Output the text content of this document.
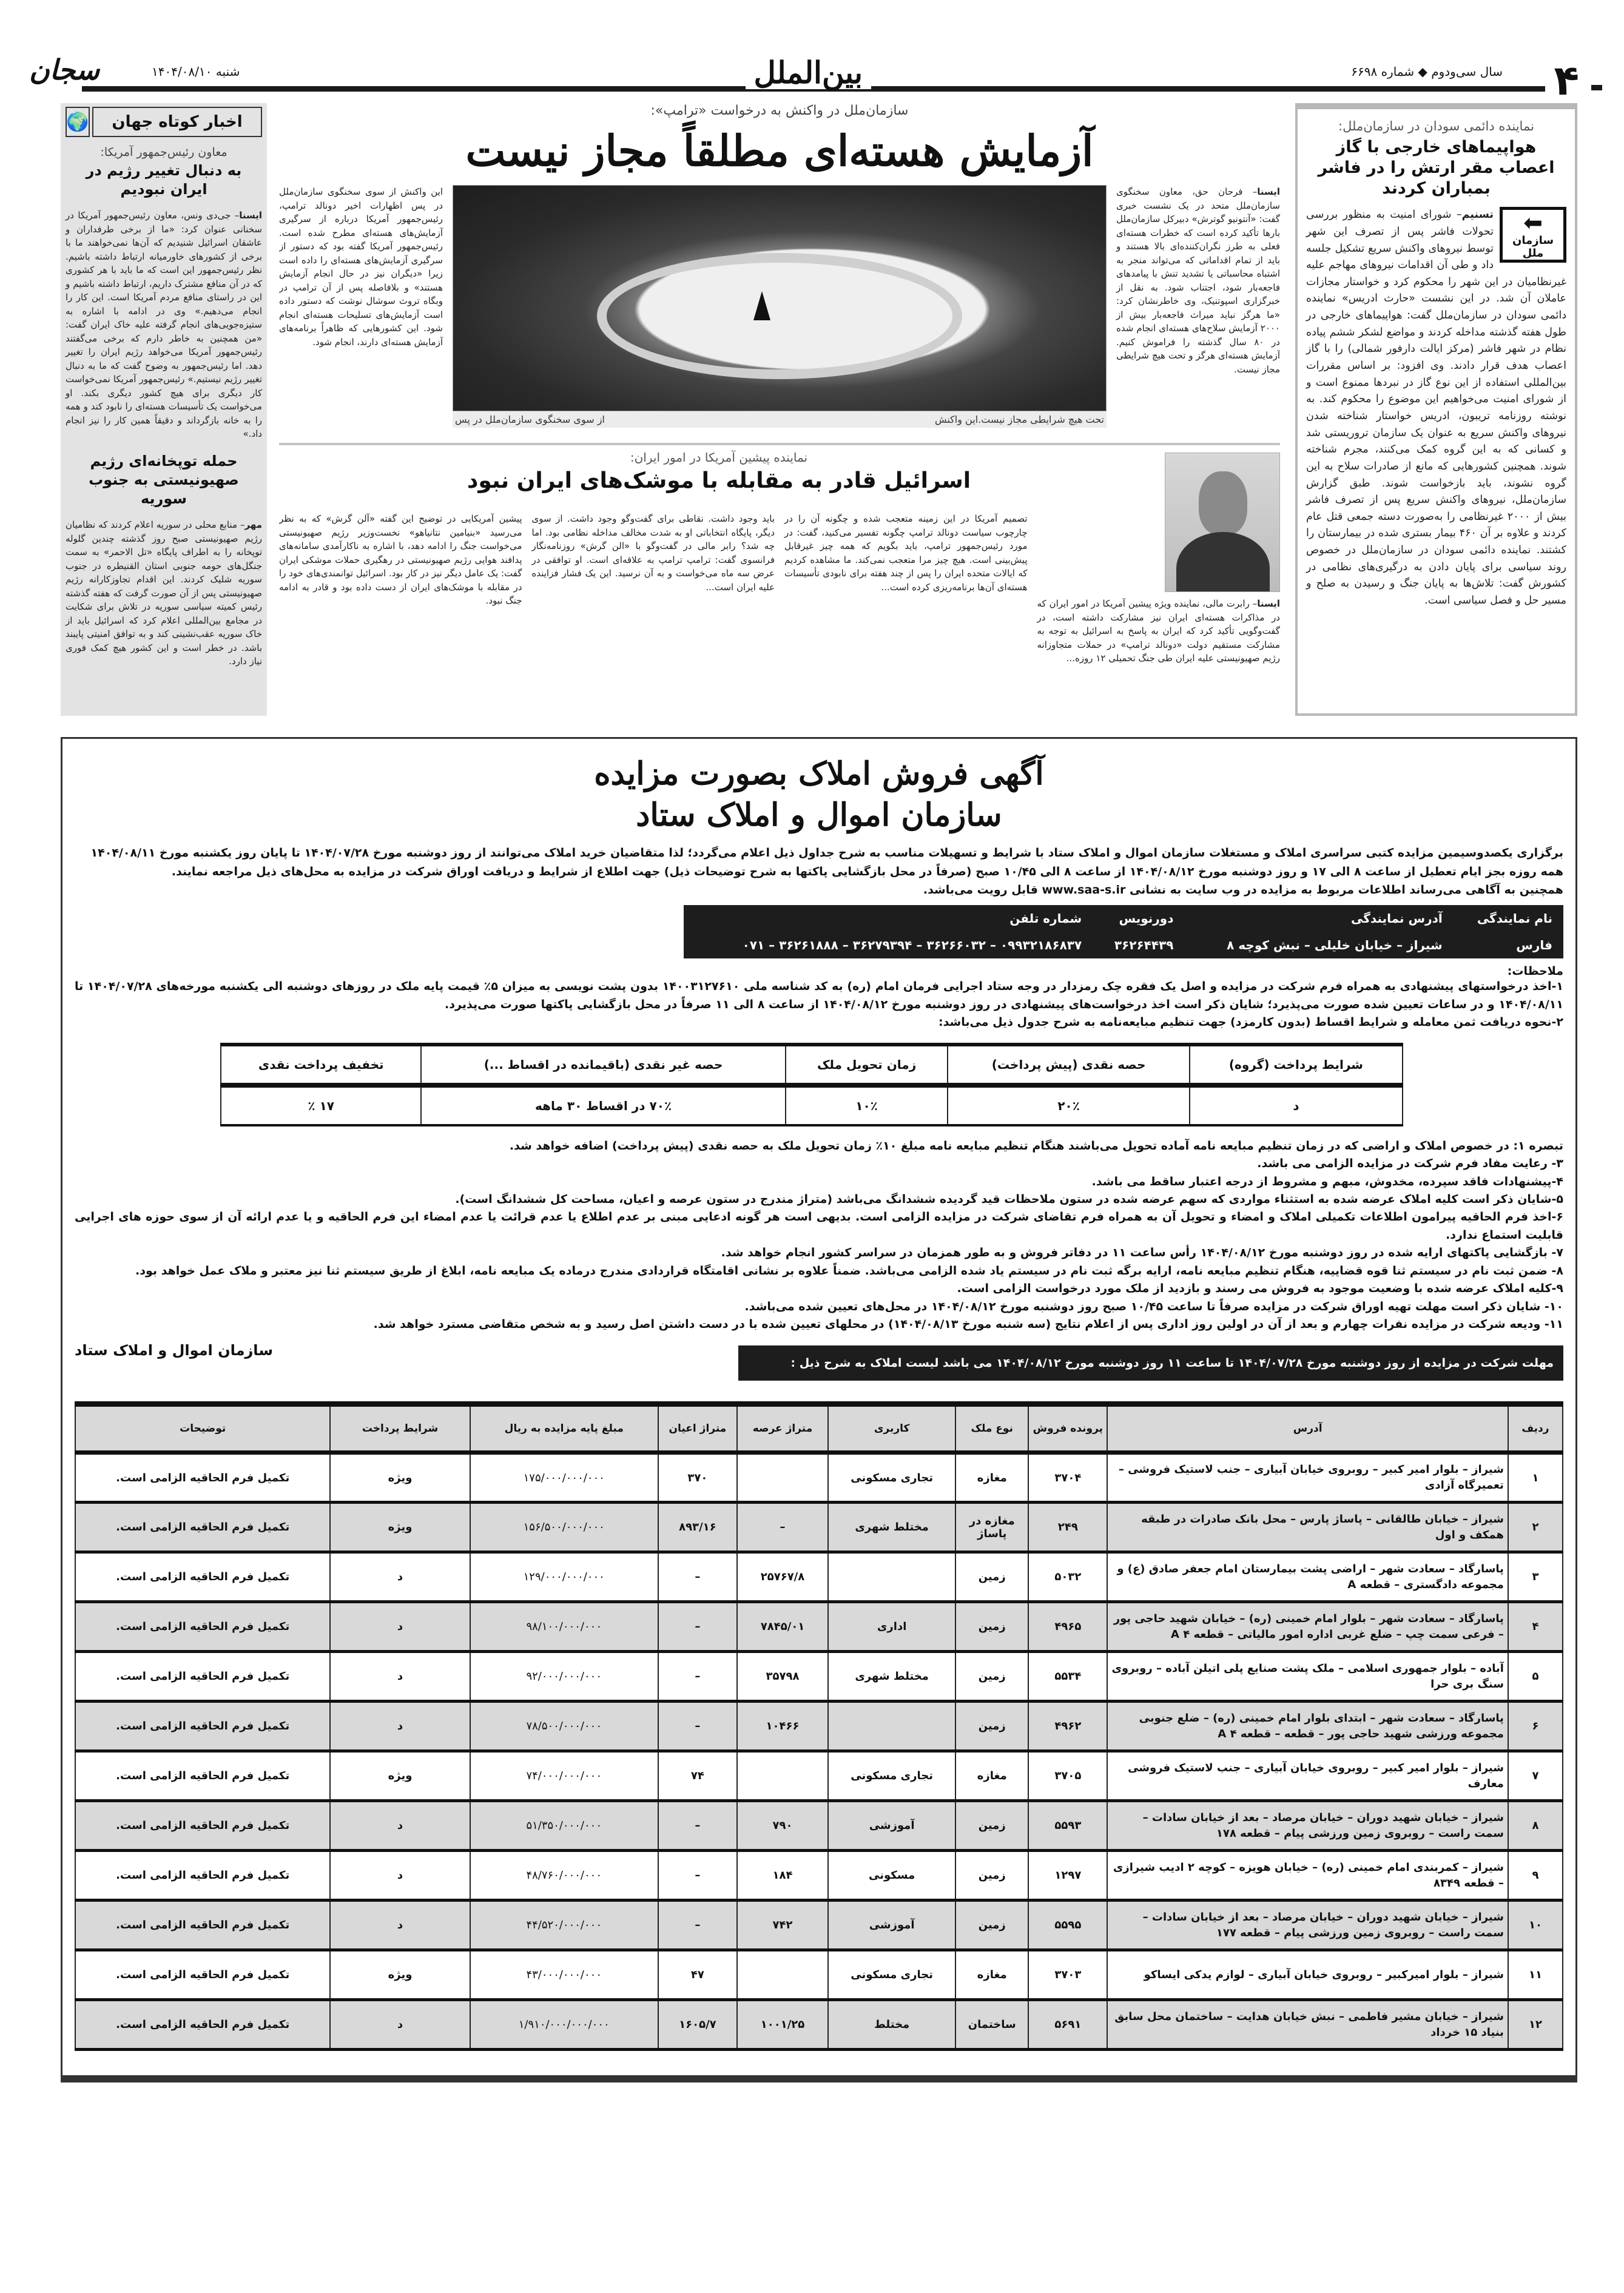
۴
سال سی‌ودوم ◆ شماره ۶۶۹۸
بین‌الملل
شنبه ۱۴۰۴/۰۸/۱۰
سجان
نماینده دائمی سودان در سازمان‌ملل:
هواپیماهای خارجی با گاز اعصاب مقر ارتش را در فاشر بمباران کردند
⬅
سازمان ملل
تسنیم– شورای امنیت به منظور بررسی تحولات فاشر پس از تصرف این شهر توسط نیروهای واکنش سریع تشکیل جلسه داد و طی آن اقدامات نیروهای مهاجم علیه غیرنظامیان در این شهر را محکوم کرد و خواستار مجازات عاملان آن شد. در این نشست «حارث ادریس» نماینده دائمی سودان در سازمان‌ملل گفت: هواپیماهای خارجی در طول هفته گذشته مداخله کردند و مواضع لشکر ششم پیاده نظام در شهر فاشر (مرکز ایالت دارفور شمالی) را با گاز اعصاب هدف قرار دادند. وی افزود: بر اساس مقررات بین‌المللی استفاده از این نوع گاز در نبردها ممنوع است و از شورای امنیت می‌خواهیم این موضوع را محکوم کند. به نوشته روزنامه تریبون، ادریس خواستار شناخته شدن نیروهای واکنش سریع به عنوان یک سازمان تروریستی شد و کسانی که به این گروه کمک می‌کنند، مجرم شناخته شوند. همچنین کشورهایی که مانع از صادرات سلاح به این گروه نشوند، باید بازخواست شوند. طبق گزارش سازمان‌ملل، نیروهای واکنش سریع پس از تصرف فاشر بیش از ۲۰۰۰ غیرنظامی را به‌صورت دسته جمعی قتل عام کردند و علاوه بر آن ۴۶۰ بیمار بستری شده در بیمارستان را کشتند. نماینده دائمی سودان در سازمان‌ملل در خصوص روند سیاسی برای پایان دادن به درگیری‌های نظامی در کشورش گفت: تلاش‌ها به پایان جنگ و رسیدن به صلح و مسیر حل و فصل سیاسی است.
سازمان‌ملل در واکنش به درخواست «ترامپ»:
آزمایش هسته‌ای مطلقاً مجاز نیست
ایسنا– فرحان حق، معاون سخنگوی سازمان‌ملل متحد در یک نشست خبری گفت: «آنتونیو گوترش» دبیرکل سازمان‌ملل بارها تأکید کرده است که خطرات هسته‌ای فعلی به طرز نگران‌کننده‌ای بالا هستند و باید از تمام اقداماتی که می‌تواند منجر به اشتباه محاسباتی یا تشدید تنش با پیامدهای فاجعه‌بار شود، اجتناب شود. به نقل از خبرگزاری اسپوتنیک، وی خاطرنشان کرد: «ما هرگز نباید میراث فاجعه‌بار بیش از ۲۰۰۰ آزمایش سلاح‌های هسته‌ای انجام شده در ۸۰ سال گذشته را فراموش کنیم. آزمایش هسته‌ای هرگز و تحت هیچ شرایطی مجاز نیست.
تحت هیچ شرایطی مجاز نیست.این واکنش
از سوی سخنگوی سازمان‌ملل در پس
این واکنش از سوی سخنگوی سازمان‌ملل در پس اظهارات اخیر دونالد ترامپ، رئیس‌جمهور آمریکا درباره از سرگیری آزمایش‌های هسته‌ای مطرح شده است. رئیس‌جمهور آمریکا گفته بود که دستور از سرگیری آزمایش‌های هسته‌ای را داده است زیرا «دیگران نیز در حال انجام آزمایش هستند» و بلافاصله پس از آن ترامپ در وبگاه تروث سوشال نوشت که دستور داده است آزمایش‌های تسلیحات هسته‌ای انجام شود. این کشورهایی که ظاهراً برنامه‌های آزمایش هسته‌ای دارند، انجام شود.
نماینده پیشین آمریکا در امور ایران:
اسرائیل قادر به مقابله با موشک‌های ایران نبود
ایسنا– رابرت مالی، نماینده ویژه پیشین آمریکا در امور ایران که در مذاکرات هسته‌ای ایران نیز مشارکت داشته است، در گفت‌وگویی تأکید کرد که ایران به پاسخ به اسرائیل به توجه به مشارکت مستقیم دولت «دونالد ترامپ» در حملات متجاوزانه رژیم صهیونیستی علیه ایران طی جنگ تحمیلی ۱۲ روزه...
تصمیم آمریکا در این زمینه متعجب شده و چگونه آن را در چارچوب سیاست دونالد ترامپ چگونه تفسیر می‌کنید، گفت: در مورد رئیس‌جمهور ترامپ، باید بگویم که همه چیز غیرقابل پیش‌بینی است. هیچ چیز مرا متعجب نمی‌کند. ما مشاهده کردیم که ایالات متحده ایران را پس از چند هفته برای نابودی تأسیسات هسته‌ای آن‌ها برنامه‌ریزی کرده است...
باید وجود داشت. نقاطی برای گفت‌وگو وجود داشت. از سوی دیگر، پایگاه انتخاباتی او به شدت مخالف مداخله نظامی بود. اما چه شد؟ رابر مالی در گفت‌وگو با «الن گرش» روزنامه‌نگار فرانسوی گفت: ترامپ ترامپ به علاقه‌ای است. او توافقی در عرض سه ماه می‌خواست و به آن نرسید. این یک فشار فزاینده علیه ایران است...
پیشین آمریکایی در توضیح این گفته «آلن گرش» که به نظر می‌رسید «بنیامین نتانیاهو» نخست‌وزیر رژیم صهیونیستی می‌خواست جنگ را ادامه دهد، با اشاره به ناکارآمدی سامانه‌های پدافند هوایی رژیم صهیونیستی در رهگیری حملات موشکی ایران گفت: یک عامل دیگر نیز در کار بود. اسرائیل توانمندی‌های خود را در مقابله با موشک‌های ایران از دست داده بود و قادر به ادامه جنگ نبود.
🌍	اخبار کوتاه جهان
معاون رئیس‌جمهور آمریکا:
به دنبال تغییر رژیم در ایران نبودیم
ایسنا– جی‌دی ونس، معاون رئیس‌جمهور آمریکا در سخنانی عنوان کرد: «ما از برخی طرفداران و عاشقان اسرائیل شنیدیم که آن‌ها نمی‌خواهند ما با برخی از کشورهای خاورمیانه ارتباط داشته باشیم. نظر رئیس‌جمهور این است که ما باید با هر کشوری که در آن منافع مشترک داریم، ارتباط داشته باشیم و این در راستای منافع مردم آمریکا است. این کار را انجام می‌دهیم.» وی در ادامه با اشاره به ستیزه‌جویی‌های انجام گرفته علیه خاک ایران گفت: «من همچنین به خاطر دارم که برخی می‌گفتند رئیس‌جمهور آمریکا می‌خواهد رژیم ایران را تغییر دهد. اما رئیس‌جمهور به وضوح گفت که ما به دنبال تغییر رژیم نیستیم.» رئیس‌جمهور آمریکا نمی‌خواست کار دیگری برای هیچ کشور دیگری بکند. او می‌خواست یک تأسیسات هسته‌ای را نابود کند و همه را به خانه بازگرداند و دقیقاً همین کار را نیز انجام داد.»
حمله توپخانه‌ای رژیم صهیونیستی به جنوب سوریه
مهر– منابع محلی در سوریه اعلام کردند که نظامیان رژیم صهیونیستی صبح روز گذشته چندین گلوله توپخانه را به اطراف پایگاه «تل الاحمر» به سمت جنگل‌های حومه جنوبی استان القنیطره در جنوب سوریه شلیک کردند. این اقدام تجاوزکارانه رژیم صهیونیستی پس از آن صورت گرفت که هفته گذشته رئیس کمیته سیاسی سوریه در تلاش برای شکایت در مجامع بین‌المللی اعلام کرد که اسرائیل باید از خاک سوریه عقب‌نشینی کند و به توافق امنیتی پایبند باشد. در خطر است و این کشور هیچ کمک فوری نیاز دارد.
آگهی فروش املاک بصورت مزایده
سازمان اموال و املاک ستاد
برگزاری یکصدوسیمین مزایده کتبی سراسری املاک و مستغلات سازمان اموال و املاک ستاد با شرایط و تسهیلات مناسب به شرح جداول ذیل اعلام می‌گردد؛ لذا متقاضیان خرید املاک می‌توانند از روز دوشنبه مورخ ۱۴۰۴/۰۷/۲۸ تا پایان روز یکشنبه مورخ ۱۴۰۴/۰۸/۱۱
همه روزه بجز ایام تعطیل از ساعت ۸ الی ۱۷ و روز دوشنبه مورخ ۱۴۰۴/۰۸/۱۲ از ساعت ۸ الی ۱۰/۴۵ صبح (صرفاً در محل بازگشایی پاکتها به شرح توضیحات ذیل) جهت اطلاع از شرایط و دریافت اوراق شرکت در مزایده به محل‌های ذیل مراجعه نمایند.
همچنین به آگاهی می‌رساند اطلاعات مربوط به مزایده در وب سایت به نشانی www.saa-s.ir قابل رویت می‌باشد.
نام نمایندگی	آدرس نمایندگی	دورنویس	شماره تلفن
فارس	شیراز – خیابان خلیلی – نبش کوچه ۸	۳۶۲۶۴۴۳۹	۰۹۹۳۲۱۸۶۸۳۷ – ۳۶۲۶۶۰۳۲ – ۳۶۲۷۹۳۹۴ – ۳۶۲۶۱۸۸۸ – ۰۷۱
ملاحظات:
۱-اخذ درخواستهای پیشنهادی به همراه فرم شرکت در مزایده و اصل یک فقره چک رمزدار در وجه ستاد اجرایی فرمان امام (ره) به کد شناسه ملی ۱۴۰۰۳۱۲۷۶۱۰ بدون پشت نویسی به میزان ۵٪ قیمت پایه ملک در روزهای دوشنبه الی یکشنبه مورخه‌های ۱۴۰۴/۰۷/۲۸ تا ۱۴۰۴/۰۸/۱۱ و در ساعات تعیین شده صورت می‌پذیرد؛ شایان ذکر است اخذ درخواست‌های پیشنهادی در روز دوشنبه مورخ ۱۴۰۴/۰۸/۱۲ از ساعت ۸ الی ۱۱ صرفاً در محل بازگشایی پاکتها صورت می‌پذیرد.
۲-نحوه دریافت ثمن معامله و شرایط اقساط (بدون کارمزد) جهت تنظیم مبایعه‌نامه به شرح جدول ذیل می‌باشد:
شرایط پرداخت (گروه)	حصه نقدی (پیش پرداخت)	زمان تحویل ملک	حصه غیر نقدی (باقیمانده در اقساط ...)	تخفیف پرداخت نقدی
د	۲۰٪	۱۰٪	۷۰٪ در اقساط ۳۰ ماهه	۱۷ ٪
تبصره ۱: در خصوص املاک و اراضی که در زمان تنظیم مبایعه نامه آماده تحویل می‌باشند هنگام تنظیم مبایعه نامه مبلغ ۱۰٪ زمان تحویل ملک به حصه نقدی (پیش پرداخت) اضافه خواهد شد.
۳- رعایت مفاد فرم شرکت در مزایده الزامی می باشد.
۴-پیشنهادات فاقد سپرده، مخدوش، مبهم و مشروط از درجه اعتبار ساقط می باشد.
۵-شایان ذکر است کلیه املاک عرضه شده به استثناء مواردی که سهم عرضه شده در ستون ملاحظات قید گردیده ششدانگ می‌باشد (متراژ مندرج در ستون عرصه و اعیان، مساحت کل ششدانگ است).
۶-اخذ فرم الحاقیه پیرامون اطلاعات تکمیلی املاک و امضاء و تحویل آن به همراه فرم تقاضای شرکت در مزایده الزامی است. بدیهی است هر گونه ادعایی مبنی بر عدم اطلاع یا عدم قرائت یا عدم امضاء این فرم الحاقیه و یا عدم ارائه آن از سوی حوزه های اجرایی قابلیت استماع ندارد.
۷- بازگشایی پاکتهای ارایه شده در روز دوشنبه مورخ ۱۴۰۴/۰۸/۱۲ رأس ساعت ۱۱ در دفاتر فروش و به طور همزمان در سراسر کشور انجام خواهد شد.
۸- ضمن ثبت نام در سیستم ثنا قوه قضاییه، هنگام تنظیم مبایعه نامه، ارایه برگه ثبت نام در سیستم یاد شده الزامی می‌باشد. ضمناً علاوه بر نشانی اقامتگاه قراردادی مندرج درماده یک مبایعه نامه، ابلاغ از طریق سیستم ثنا نیز معتبر و ملاک عمل خواهد بود.
۹-کلیه املاک عرضه شده با وضعیت موجود به فروش می رسند و بازدید از ملک مورد درخواست الزامی است.
۱۰- شایان ذکر است مهلت تهیه اوراق شرکت در مزایده صرفاً تا ساعت ۱۰/۴۵ صبح روز دوشنبه مورخ ۱۴۰۴/۰۸/۱۲ در محل‌های تعیین شده می‌باشد.
۱۱- ودیعه شرکت در مزایده نفرات چهارم و بعد از آن در اولین روز اداری پس از اعلام نتایج (سه شنبه مورخ ۱۴۰۴/۰۸/۱۳) در محلهای تعیین شده با در دست داشتن اصل رسید و به شخص متقاضی مسترد خواهد شد.
سازمان اموال و املاک ستاد
مهلت شرکت در مزایده از روز دوشنبه مورخ ۱۴۰۴/۰۷/۲۸ تا ساعت ۱۱ روز دوشنبه مورخ ۱۴۰۴/۰۸/۱۲ می باشد لیست املاک به شرح ذیل :
ردیف	آدرس	پرونده فروش	نوع ملک	کاربری	متراژ عرصه	متراژ اعیان	مبلغ پایه مزایده به ریال	شرایط پرداخت	توضیحات
۱	شیراز – بلوار امیر کبیر – روبروی خیابان آبیاری – جنب لاستیک فروشی – تعمیرگاه آزادی	۳۷۰۴	مغازه	تجاری مسکونی		۳۷۰	۱۷۵/۰۰۰/۰۰۰/۰۰۰	ویژه	تکمیل فرم الحاقیه الزامی است.
۲	شیراز – خیابان طالقانی – پاساژ پارس – محل بانک صادرات در طبقه همکف و اول	۲۴۹	مغازه در پاساژ	مختلط شهری	–	۸۹۳/۱۶	۱۵۶/۵۰۰/۰۰۰/۰۰۰	ویژه	تکمیل فرم الحاقیه الزامی است.
۳	پاسارگاد – سعادت شهر – اراضی پشت بیمارستان امام جعفر صادق (ع) و مجموعه دادگستری – قطعه A	۵۰۳۲	زمین		۲۵۷۶۷/۸	–	۱۲۹/۰۰۰/۰۰۰/۰۰۰	د	تکمیل فرم الحاقیه الزامی است.
۴	پاسارگاد – سعادت شهر – بلوار امام خمینی (ره) – خیابان شهید حاجی پور – فرعی سمت چپ – ضلع غربی اداره امور مالیاتی – قطعه A ۴	۴۹۶۵	زمین	اداری	۷۸۴۵/۰۱	–	۹۸/۱۰۰/۰۰۰/۰۰۰	د	تکمیل فرم الحاقیه الزامی است.
۵	آباده – بلوار جمهوری اسلامی – ملک پشت صنایع پلی اتیلن آباده – روبروی سنگ بری حرا	۵۵۳۴	زمین	مختلط شهری	۳۵۷۹۸	–	۹۲/۰۰۰/۰۰۰/۰۰۰	د	تکمیل فرم الحاقیه الزامی است.
۶	پاسارگاد – سعادت شهر – ابتدای بلوار امام خمینی (ره) – ضلع جنوبی مجموعه ورزشی شهید حاجی پور – قطعه – قطعه A ۴	۴۹۶۲	زمین		۱۰۴۶۶	–	۷۸/۵۰۰/۰۰۰/۰۰۰	د	تکمیل فرم الحاقیه الزامی است.
۷	شیراز – بلوار امیر کبیر – روبروی خیابان آبیاری – جنب لاستیک فروشی معارف	۳۷۰۵	مغازه	تجاری مسکونی		۷۴	۷۴/۰۰۰/۰۰۰/۰۰۰	ویژه	تکمیل فرم الحاقیه الزامی است.
۸	شیراز – خیابان شهید دوران – خیابان مرصاد – بعد از خیابان سادات – سمت راست – روبروی زمین ورزشی پیام – قطعه ۱۷۸	۵۵۹۳	زمین	آموزشی	۷۹۰	–	۵۱/۳۵۰/۰۰۰/۰۰۰	د	تکمیل فرم الحاقیه الزامی است.
۹	شیراز – کمربندی امام خمینی (ره) – خیابان هویزه – کوچه ۲ ادیب شیرازی – قطعه ۸۳۴۹	۱۲۹۷	زمین	مسکونی	۱۸۴	–	۴۸/۷۶۰/۰۰۰/۰۰۰	د	تکمیل فرم الحاقیه الزامی است.
۱۰	شیراز – خیابان شهید دوران – خیابان مرصاد – بعد از خیابان سادات – سمت راست – روبروی زمین ورزشی پیام – قطعه ۱۷۷	۵۵۹۵	زمین	آموزشی	۷۴۲	–	۴۴/۵۲۰/۰۰۰/۰۰۰	د	تکمیل فرم الحاقیه الزامی است.
۱۱	شیراز – بلوار امیرکبیر – روبروی خیابان آبیاری – لوازم یدکی ایساکو	۳۷۰۳	مغازه	تجاری مسکونی		۴۷	۴۳/۰۰۰/۰۰۰/۰۰۰	ویژه	تکمیل فرم الحاقیه الزامی است.
۱۲	شیراز – خیابان مشیر فاطمی – نبش خیابان هدایت – ساختمان محل سابق بنیاد ۱۵ خرداد	۵۶۹۱	ساختمان	مختلط	۱۰۰۱/۲۵	۱۶۰۵/۷	۱/۹۱۰/۰۰۰/۰۰۰/۰۰۰	د	تکمیل فرم الحاقیه الزامی است.
